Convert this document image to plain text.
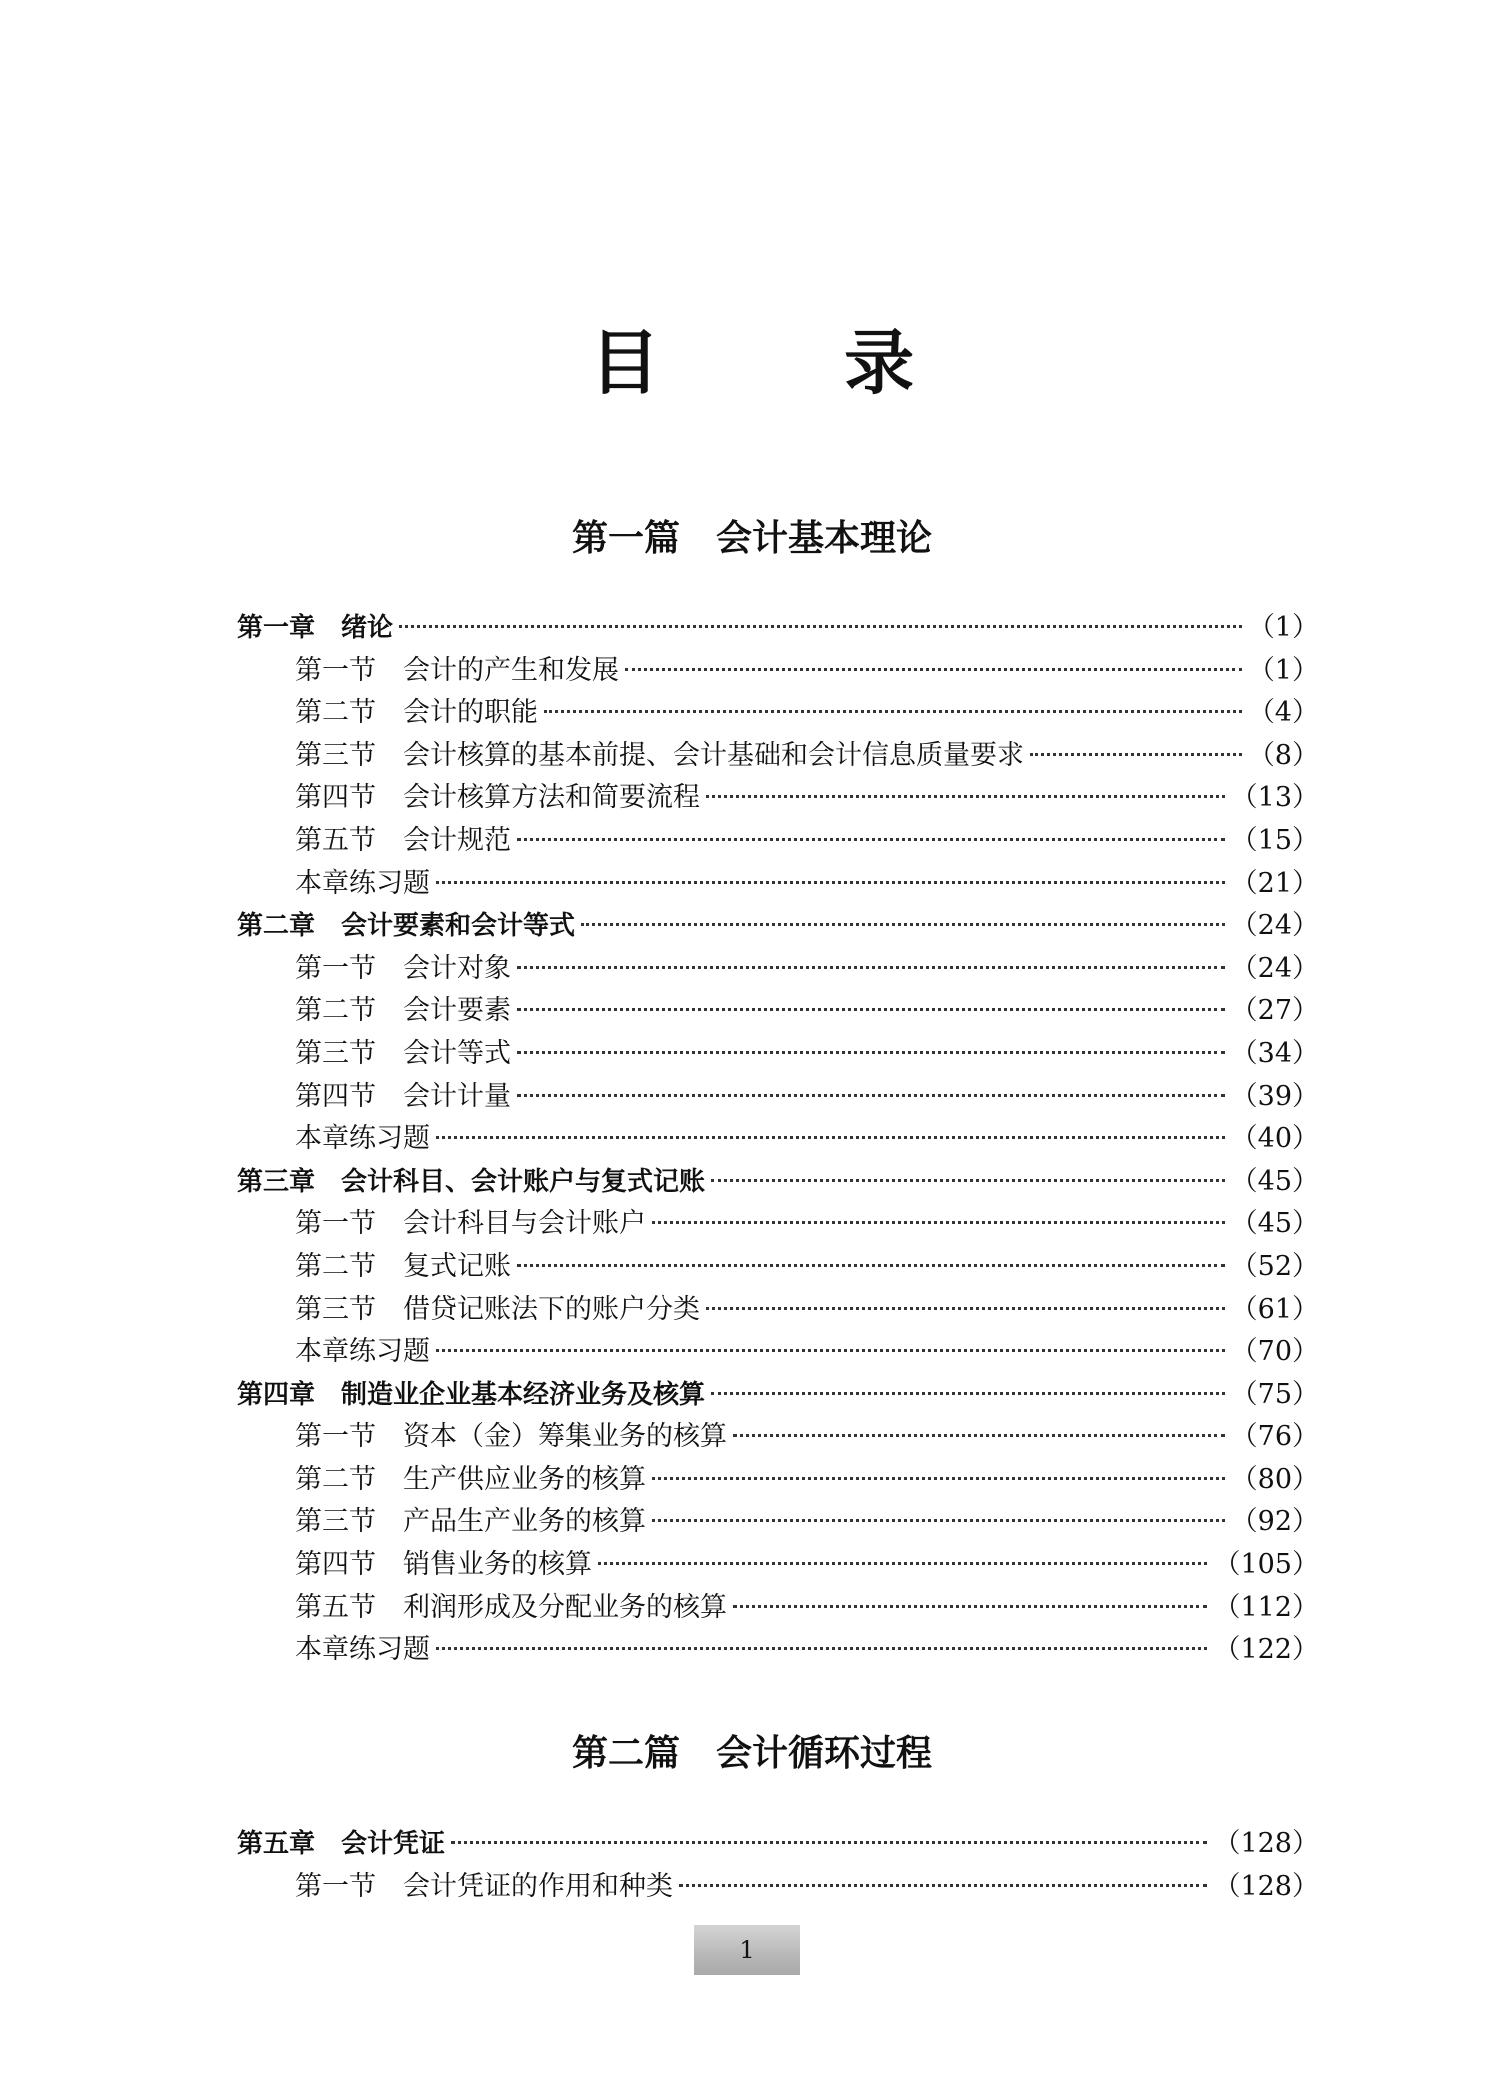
目 录
第一篇　会计基本理论
第一章　绪论	（1）
第一节　会计的产生和发展	（1）
第二节　会计的职能	（4）
第三节　会计核算的基本前提、会计基础和会计信息质量要求	（8）
第四节　会计核算方法和简要流程	（13）
第五节　会计规范	（15）
本章练习题	（21）
第二章　会计要素和会计等式	（24）
第一节　会计对象	（24）
第二节　会计要素	（27）
第三节　会计等式	（34）
第四节　会计计量	（39）
本章练习题	（40）
第三章　会计科目、会计账户与复式记账	（45）
第一节　会计科目与会计账户	（45）
第二节　复式记账	（52）
第三节　借贷记账法下的账户分类	（61）
本章练习题	（70）
第四章　制造业企业基本经济业务及核算	（75）
第一节　资本（金）筹集业务的核算	（76）
第二节　生产供应业务的核算	（80）
第三节　产品生产业务的核算	（92）
第四节　销售业务的核算	（105）
第五节　利润形成及分配业务的核算	（112）
本章练习题	（122）
第二篇　会计循环过程
第五章　会计凭证	（128）
第一节　会计凭证的作用和种类	（128）
1
